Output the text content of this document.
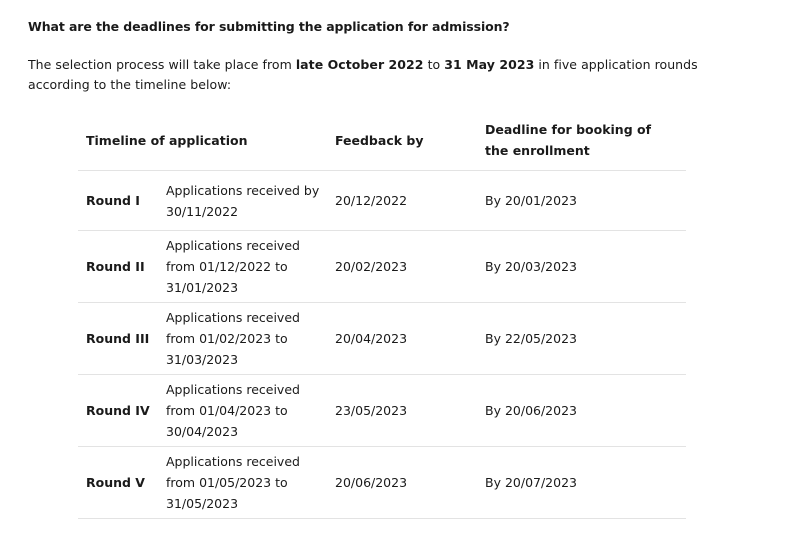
What are the deadlines for submitting the application for admission?

The selection process will take place from late October 2022 to 31 May 2023 in five application rounds according to the timeline below:

Timeline of application		Feedback by	Deadline for booking of the enrollment
Round I	Applications received by 30/11/2022	20/12/2022	By 20/01/2023
Round II	Applications received from 01/12/2022 to 31/01/2023	20/02/2023	By 20/03/2023
Round III	Applications received from 01/02/2023 to 31/03/2023	20/04/2023	By 22/05/2023
Round IV	Applications received from 01/04/2023 to 30/04/2023	23/05/2023	By 20/06/2023
Round V	Applications received from 01/05/2023 to 31/05/2023	20/06/2023	By 20/07/2023
